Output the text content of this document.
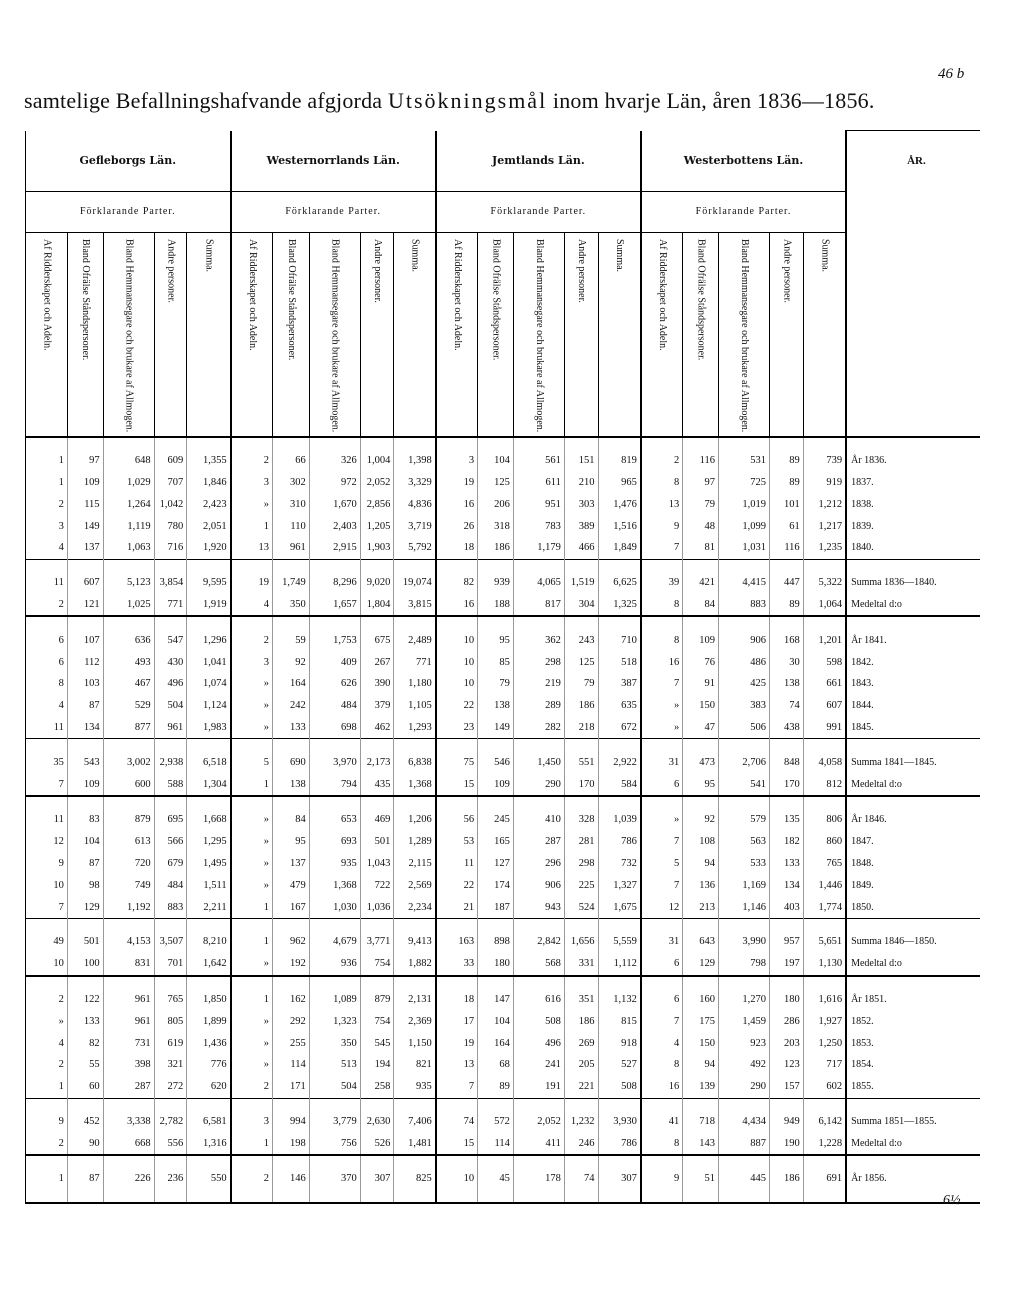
46 b
samtelige Befallningshafvande afgjorda Utsökningsmål inom hvarje Län, åren 1836—1856.
Gefleborgs Län.					Westernorrlands Län.					Jemtlands Län.					Westerbottens Län.					ÅR.
Förklarande Parter.					Förklarande Parter.					Förklarande Parter.					Förklarande Parter.					

Af Ridderskapet och Adeln.	Bland Ofrälse Ståndspersoner.	Bland Hemmansegare och brukare af Allmogen.	Andre personer.	Summa.	Af Ridderskapet och Adeln.	Bland Ofrälse Ståndspersoner.	Bland Hemmansegare och brukare af Allmogen.	Andre personer.	Summa.	Af Ridderskapet och Adeln.	Bland Ofrälse Ståndspersoner.	Bland Hemmansegare och brukare af Allmogen.	Andre personer.	Summa.	Af Ridderskapet och Adeln.	Bland Ofrälse Ståndspersoner.	Bland Hemmansegare och brukare af Allmogen.	Andre personer.	Summa.	

1	97	648	609	1,355	2	66	326	1,004	1,398	3	104	561	151	819	2	116	531	89	739	År 1836.
1	109	1,029	707	1,846	3	302	972	2,052	3,329	19	125	611	210	965	8	97	725	89	919	1837.
2	115	1,264	1,042	2,423	»	310	1,670	2,856	4,836	16	206	951	303	1,476	13	79	1,019	101	1,212	1838.
3	149	1,119	780	2,051	1	110	2,403	1,205	3,719	26	318	783	389	1,516	9	48	1,099	61	1,217	1839.
4	137	1,063	716	1,920	13	961	2,915	1,903	5,792	18	186	1,179	466	1,849	7	81	1,031	116	1,235	1840.

11	607	5,123	3,854	9,595	19	1,749	8,296	9,020	19,074	82	939	4,065	1,519	6,625	39	421	4,415	447	5,322	Summa 1836—1840.
2	121	1,025	771	1,919	4	350	1,657	1,804	3,815	16	188	817	304	1,325	8	84	883	89	1,064	Medeltal d:o

6	107	636	547	1,296	2	59	1,753	675	2,489	10	95	362	243	710	8	109	906	168	1,201	År 1841.
6	112	493	430	1,041	3	92	409	267	771	10	85	298	125	518	16	76	486	30	598	1842.
8	103	467	496	1,074	»	164	626	390	1,180	10	79	219	79	387	7	91	425	138	661	1843.
4	87	529	504	1,124	»	242	484	379	1,105	22	138	289	186	635	»	150	383	74	607	1844.
11	134	877	961	1,983	»	133	698	462	1,293	23	149	282	218	672	»	47	506	438	991	1845.

35	543	3,002	2,938	6,518	5	690	3,970	2,173	6,838	75	546	1,450	551	2,922	31	473	2,706	848	4,058	Summa 1841—1845.
7	109	600	588	1,304	1	138	794	435	1,368	15	109	290	170	584	6	95	541	170	812	Medeltal d:o

11	83	879	695	1,668	»	84	653	469	1,206	56	245	410	328	1,039	»	92	579	135	806	År 1846.
12	104	613	566	1,295	»	95	693	501	1,289	53	165	287	281	786	7	108	563	182	860	1847.
9	87	720	679	1,495	»	137	935	1,043	2,115	11	127	296	298	732	5	94	533	133	765	1848.
10	98	749	484	1,511	»	479	1,368	722	2,569	22	174	906	225	1,327	7	136	1,169	134	1,446	1849.
7	129	1,192	883	2,211	1	167	1,030	1,036	2,234	21	187	943	524	1,675	12	213	1,146	403	1,774	1850.

49	501	4,153	3,507	8,210	1	962	4,679	3,771	9,413	163	898	2,842	1,656	5,559	31	643	3,990	957	5,651	Summa 1846—1850.
10	100	831	701	1,642	»	192	936	754	1,882	33	180	568	331	1,112	6	129	798	197	1,130	Medeltal d:o

2	122	961	765	1,850	1	162	1,089	879	2,131	18	147	616	351	1,132	6	160	1,270	180	1,616	År 1851.
»	133	961	805	1,899	»	292	1,323	754	2,369	17	104	508	186	815	7	175	1,459	286	1,927	1852.
4	82	731	619	1,436	»	255	350	545	1,150	19	164	496	269	918	4	150	923	203	1,250	1853.
2	55	398	321	776	»	114	513	194	821	13	68	241	205	527	8	94	492	123	717	1854.
1	60	287	272	620	2	171	504	258	935	7	89	191	221	508	16	139	290	157	602	1855.

9	452	3,338	2,782	6,581	3	994	3,779	2,630	7,406	74	572	2,052	1,232	3,930	41	718	4,434	949	6,142	Summa 1851—1855.
2	90	668	556	1,316	1	198	756	526	1,481	15	114	411	246	786	8	143	887	190	1,228	Medeltal d:o

1	87	226	236	550	2	146	370	307	825	10	45	178	74	307	9	51	445	186	691	År 1856.

6½
